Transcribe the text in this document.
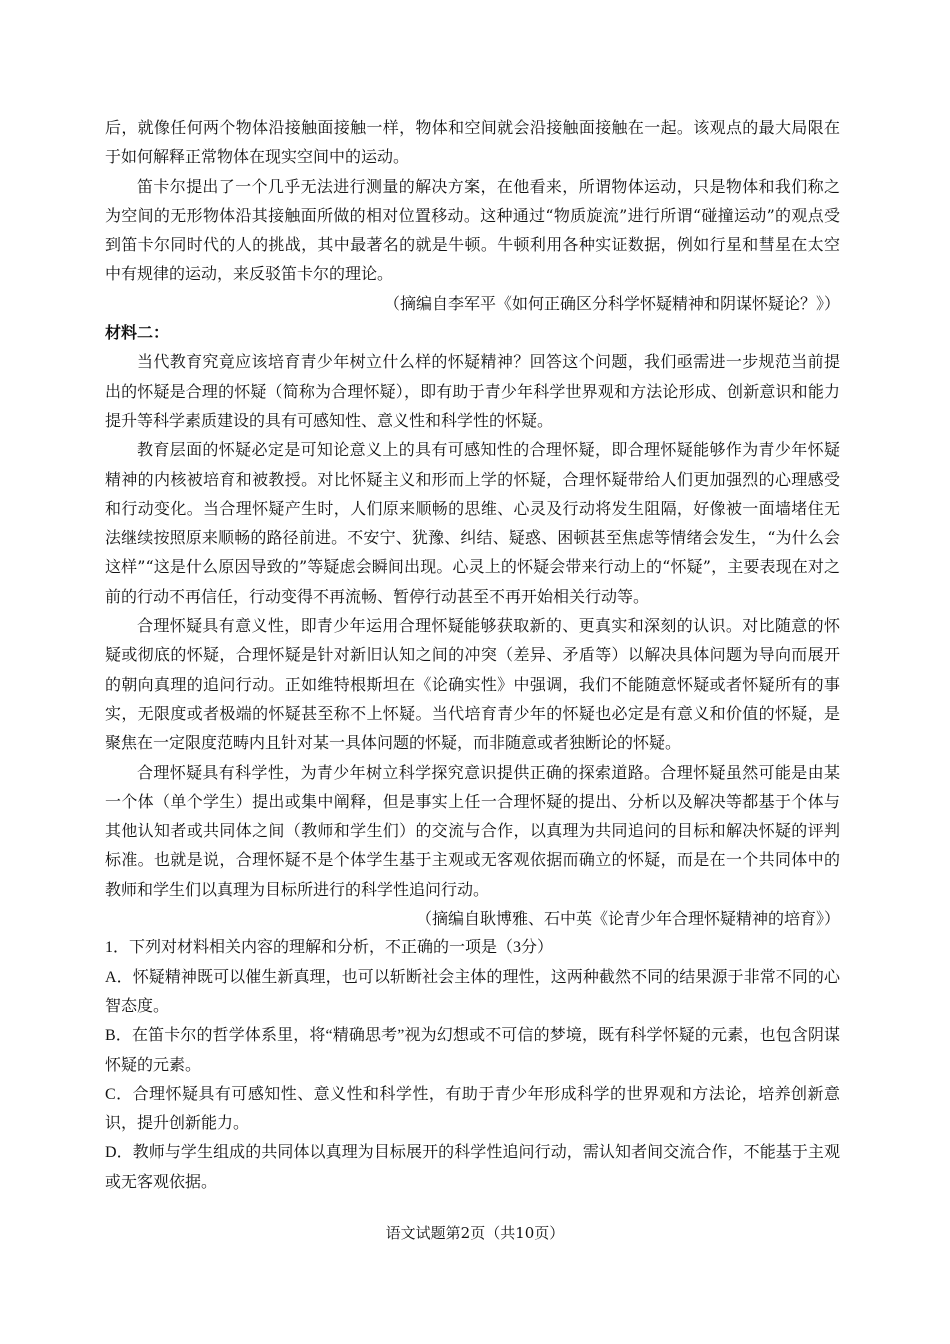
后，就像任何两个物体沿接触面接触一样，物体和空间就会沿接触面接触在一起。该观点的最大局限在于如何解释正常物体在现实空间中的运动。

笛卡尔提出了一个几乎无法进行测量的解决方案，在他看来，所谓物体运动，只是物体和我们称之为空间的无形物体沿其接触面所做的相对位置移动。这种通过“物质旋流”进行所谓“碰撞运动”的观点受到笛卡尔同时代的人的挑战，其中最著名的就是牛顿。牛顿利用各种实证数据，例如行星和彗星在太空中有规律的运动，来反驳笛卡尔的理论。

（摘编自李军平《如何正确区分科学怀疑精神和阴谋怀疑论？》）

材料二：

当代教育究竟应该培育青少年树立什么样的怀疑精神？回答这个问题，我们亟需进一步规范当前提出的怀疑是合理的怀疑（简称为合理怀疑），即有助于青少年科学世界观和方法论形成、创新意识和能力提升等科学素质建设的具有可感知性、意义性和科学性的怀疑。

教育层面的怀疑必定是可知论意义上的具有可感知性的合理怀疑，即合理怀疑能够作为青少年怀疑精神的内核被培育和被教授。对比怀疑主义和形而上学的怀疑，合理怀疑带给人们更加强烈的心理感受和行动变化。当合理怀疑产生时，人们原来顺畅的思维、心灵及行动将发生阻隔，好像被一面墙堵住无法继续按照原来顺畅的路径前进。不安宁、犹豫、纠结、疑惑、困顿甚至焦虑等情绪会发生，“为什么会这样”“这是什么原因导致的”等疑虑会瞬间出现。心灵上的怀疑会带来行动上的“怀疑”，主要表现在对之前的行动不再信任，行动变得不再流畅、暂停行动甚至不再开始相关行动等。

合理怀疑具有意义性，即青少年运用合理怀疑能够获取新的、更真实和深刻的认识。对比随意的怀疑或彻底的怀疑，合理怀疑是针对新旧认知之间的冲突（差异、矛盾等）以解决具体问题为导向而展开的朝向真理的追问行动。正如维特根斯坦在《论确实性》中强调，我们不能随意怀疑或者怀疑所有的事实，无限度或者极端的怀疑甚至称不上怀疑。当代培育青少年的怀疑也必定是有意义和价值的怀疑，是聚焦在一定限度范畴内且针对某一具体问题的怀疑，而非随意或者独断论的怀疑。

合理怀疑具有科学性，为青少年树立科学探究意识提供正确的探索道路。合理怀疑虽然可能是由某一个体（单个学生）提出或集中阐释，但是事实上任一合理怀疑的提出、分析以及解决等都基于个体与其他认知者或共同体之间（教师和学生们）的交流与合作，以真理为共同追问的目标和解决怀疑的评判标准。也就是说，合理怀疑不是个体学生基于主观或无客观依据而确立的怀疑，而是在一个共同体中的教师和学生们以真理为目标所进行的科学性追问行动。

（摘编自耿博雅、石中英《论青少年合理怀疑精神的培育》）

1．下列对材料相关内容的理解和分析，不正确的一项是（3分）

A．怀疑精神既可以催生新真理，也可以斩断社会主体的理性，这两种截然不同的结果源于非常不同的心智态度。

B．在笛卡尔的哲学体系里，将“精确思考”视为幻想或不可信的梦境，既有科学怀疑的元素，也包含阴谋怀疑的元素。

C．合理怀疑具有可感知性、意义性和科学性，有助于青少年形成科学的世界观和方法论，培养创新意识，提升创新能力。

D．教师与学生组成的共同体以真理为目标展开的科学性追问行动，需认知者间交流合作，不能基于主观或无客观依据。

语文试题第2页（共10页）
